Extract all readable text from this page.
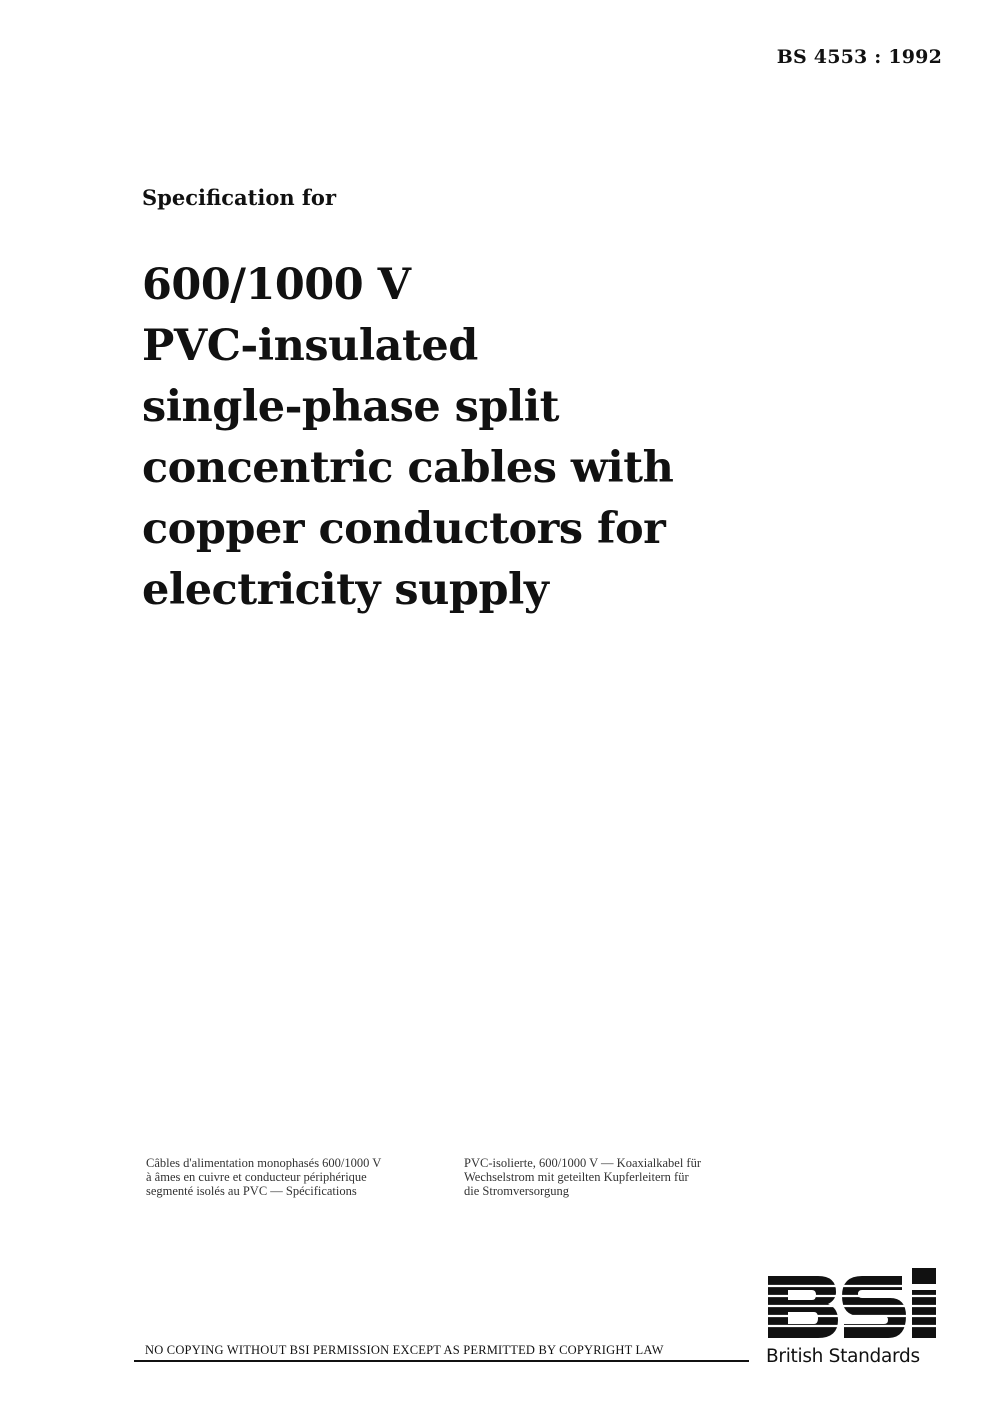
BS 4553 : 1992
Specification for
600/1000 V
PVC-insulated
single-phase split
concentric cables with
copper conductors for
electricity supply
Câbles d'alimentation monophasés 600/1000 V
à âmes en cuivre et conducteur périphérique
segmenté isolés au PVC — Spécifications
PVC-isolierte, 600/1000 V — Koaxialkabel für
Wechselstrom mit geteilten Kupferleitern für
die Stromversorgung
NO COPYING WITHOUT BSI PERMISSION EXCEPT AS PERMITTED BY COPYRIGHT LAW	British Standards
